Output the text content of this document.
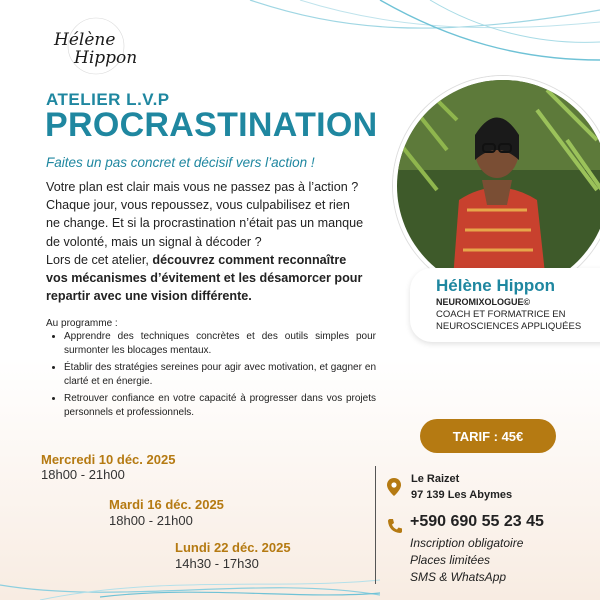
Hélène
Hippon
ATELIER L.V.P
PROCRASTINATION
Faites un pas concret et décisif vers l’action !
Votre plan est clair mais vous ne passez pas à l’action ? Chaque jour, vous repoussez, vous culpabilisez et rien ne change. Et si la procrastination n’était pas un manque de volonté, mais un signal à décoder ?
Lors de cet atelier, découvrez comment reconnaître vos mécanismes d’évitement et les désamorcer pour repartir avec une vision différente.
Au programme :
• Apprendre des techniques concrètes et des outils simples pour surmonter les blocages mentaux.
• Établir des stratégies sereines pour agir avec motivation, et gagner en clarté et en énergie.
• Retrouver confiance en votre capacité à progresser dans vos projets personnels et professionnels.
Mercredi 10 déc. 2025
18h00 - 21h00
Mardi 16 déc. 2025
18h00 - 21h00
Lundi 22 déc. 2025
14h30 - 17h30
Hélène Hippon
NEUROMIXOLOGUE©
COACH ET FORMATRICE EN
NEUROSCIENCES APPLIQUÉES
TARIF : 45€
Le Raizet
97 139 Les Abymes
+590 690 55 23 45
Inscription obligatoire
Places limitées
SMS & WhatsApp
